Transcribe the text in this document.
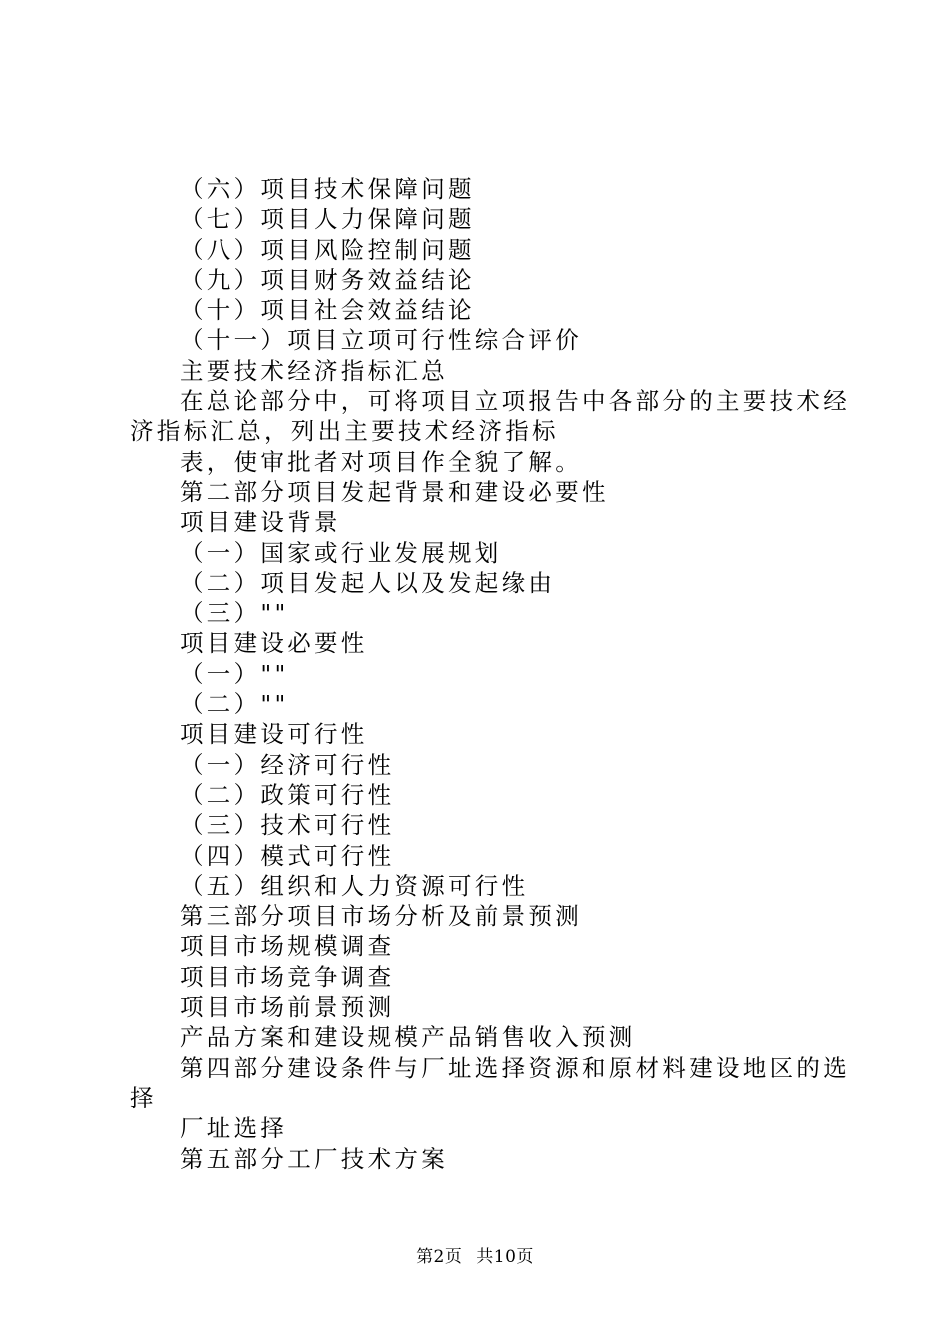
（六）项目技术保障问题
（七）项目人力保障问题
（八）项目风险控制问题
（九）项目财务效益结论
（十）项目社会效益结论
（十一）项目立项可行性综合评价
主要技术经济指标汇总
在总论部分中，可将项目立项报告中各部分的主要技术经
济指标汇总，列出主要技术经济指标
表，使审批者对项目作全貌了解。
第二部分项目发起背景和建设必要性
项目建设背景
（一）国家或行业发展规划
（二）项目发起人以及发起缘由
（三）""
项目建设必要性
（一）""
（二）""
项目建设可行性
（一）经济可行性
（二）政策可行性
（三）技术可行性
（四）模式可行性
（五）组织和人力资源可行性
第三部分项目市场分析及前景预测
项目市场规模调查
项目市场竞争调查
项目市场前景预测
产品方案和建设规模产品销售收入预测
第四部分建设条件与厂址选择资源和原材料建设地区的选
择
厂址选择
第五部分工厂技术方案
第2页 共10页
